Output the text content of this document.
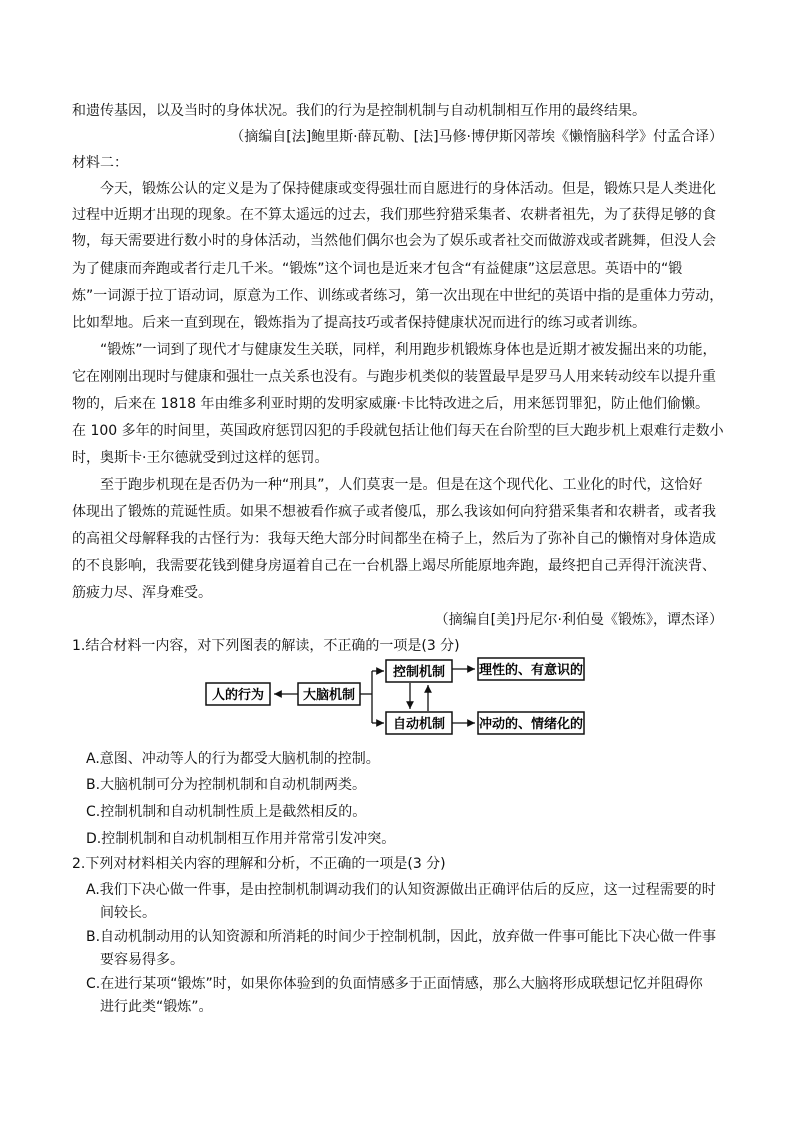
和遗传基因，以及当时的身体状况。我们的行为是控制机制与自动机制相互作用的最终结果。
（摘编自[法]鲍里斯·薛瓦勒、[法]马修·博伊斯冈蒂埃《懒惰脑科学》付孟合译）
材料二：
今天，锻炼公认的定义是为了保持健康或变得强壮而自愿进行的身体活动。但是，锻炼只是人类进化
过程中近期才出现的现象。在不算太遥远的过去，我们那些狩猎采集者、农耕者祖先，为了获得足够的食
物，每天需要进行数小时的身体活动，当然他们偶尔也会为了娱乐或者社交而做游戏或者跳舞，但没人会
为了健康而奔跑或者行走几千米。“锻炼”这个词也是近来才包含“有益健康”这层意思。英语中的“锻
炼”一词源于拉丁语动词，原意为工作、训练或者练习，第一次出现在中世纪的英语中指的是重体力劳动，
比如犁地。后来一直到现在，锻炼指为了提高技巧或者保持健康状况而进行的练习或者训练。
“锻炼”一词到了现代才与健康发生关联，同样，利用跑步机锻炼身体也是近期才被发掘出来的功能，
它在刚刚出现时与健康和强壮一点关系也没有。与跑步机类似的装置最早是罗马人用来转动绞车以提升重
物的，后来在 1818 年由维多利亚时期的发明家威廉·卡比特改进之后，用来惩罚罪犯，防止他们偷懒。
在 100 多年的时间里，英国政府惩罚囚犯的手段就包括让他们每天在台阶型的巨大跑步机上艰难行走数小
时，奥斯卡·王尔德就受到过这样的惩罚。
至于跑步机现在是否仍为一种“刑具”，人们莫衷一是。但是在这个现代化、工业化的时代，这恰好
体现出了锻炼的荒诞性质。如果不想被看作疯子或者傻瓜，那么我该如何向狩猎采集者和农耕者，或者我
的高祖父母解释我的古怪行为：我每天绝大部分时间都坐在椅子上，然后为了弥补自己的懒惰对身体造成
的不良影响，我需要花钱到健身房逼着自己在一台机器上竭尽所能原地奔跑，最终把自己弄得汗流浃背、
筋疲力尽、浑身难受。
（摘编自[美]丹尼尔·利伯曼《锻炼》，谭杰译）
1.结合材料一内容，对下列图表的解读，不正确的一项是(3 分)
人的行为	大脑机制
控制机制
自动机制
理性的、有意识的
冲动的、情绪化的
A.意图、冲动等人的行为都受大脑机制的控制。
B.大脑机制可分为控制机制和自动机制两类。
C.控制机制和自动机制性质上是截然相反的。
D.控制机制和自动机制相互作用并常常引发冲突。
2.下列对材料相关内容的理解和分析，不正确的一项是(3 分)
A.我们下决心做一件事，是由控制机制调动我们的认知资源做出正确评估后的反应，这一过程需要的时
间较长。
B.自动机制动用的认知资源和所消耗的时间少于控制机制，因此，放弃做一件事可能比下决心做一件事
要容易得多。
C.在进行某项“锻炼”时，如果你体验到的负面情感多于正面情感，那么大脑将形成联想记忆并阻碍你
进行此类“锻炼”。
